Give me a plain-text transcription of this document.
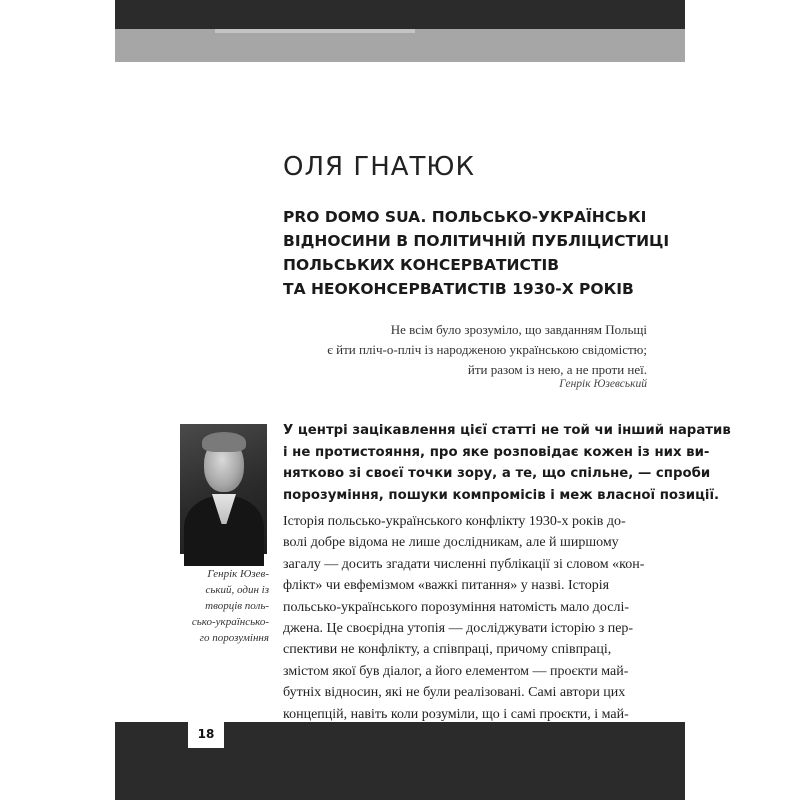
ОЛЯ ГНАТЮК
PRO DOMO SUA. ПОЛЬСЬКО-УКРАЇНСЬКІ
ВІДНОСИНИ В ПОЛІТИЧНІЙ ПУБЛІЦИСТИЦІ
ПОЛЬСЬКИХ КОНСЕРВАТИСТІВ
ТА НЕОКОНСЕРВАТИСТІВ 1930-Х РОКІВ
Не всім було зрозуміло, що завданням Польщі
є йти пліч-о-пліч із народженою українською свідомістю;
йти разом із нею, а не проти неї.
Генрік Юзевський
Генрік Юзев-
ський, один із
творців поль-
сько-українсько-
го порозуміння
У центрі зацікавлення цієї статті не той чи інший наратив
і не протистояння, про яке розповідає кожен із них ви-
нятково зі своєї точки зору, а те, що спільне, — спроби
порозуміння, пошуки компромісів і меж власної позиції.
Історія польсько-українського конфлікту 1930-х років до-
волі добре відома не лише дослідникам, але й ширшому
загалу — досить згадати численні публікації зі словом «кон-
флікт» чи евфемізмом «важкі питання» у назві. Історія
польсько-українського порозуміння натомість мало дослі-
джена. Це своєрідна утопія — досліджувати історію з пер-
спективи не конфлікту, а співпраці, причому співпраці,
змістом якої був діалог, а його елементом — проєкти май-
бутніх відносин, які не були реалізовані. Самі автори цих
концепцій, навіть коли розуміли, що і самі проєкти, і май-
18
